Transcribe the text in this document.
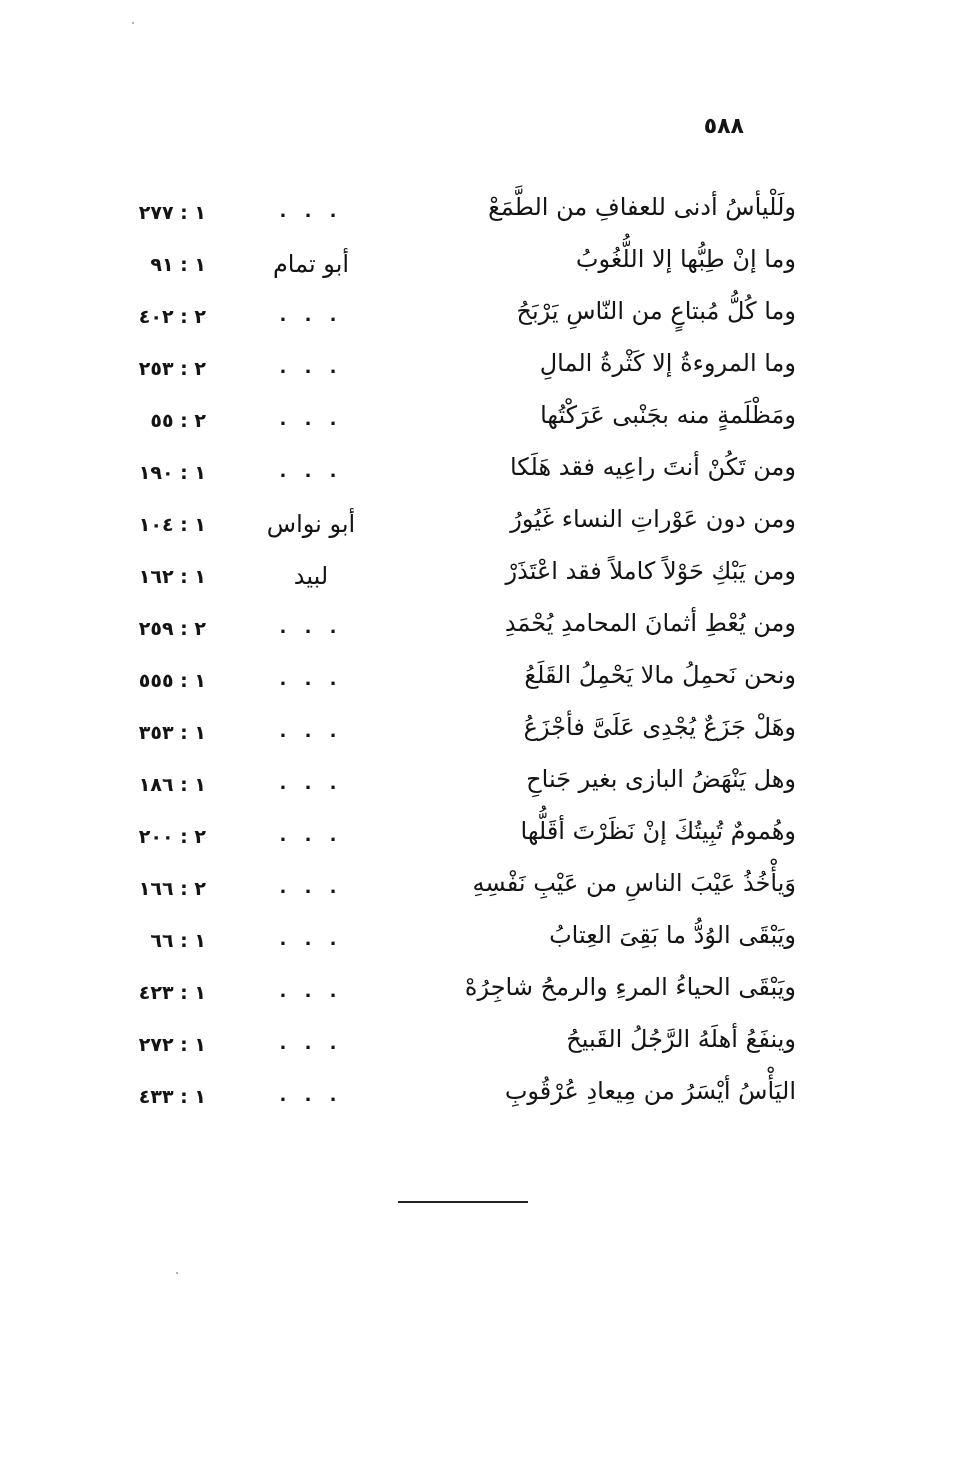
٥٨٨
ولَلْيأسُ أدنى للعفافِ من الطَّمَعْ
. . .
١ : ٢٧٧
وما إنْ طِبُّها إلا اللُّغُوبُ
أبو تمام
١ : ٩١
وما كُلُّ مُبتاعٍ من النّاسِ يَرْبَحُ
. . .
٢ : ٤٠٢
وما المروءةُ إلا كَثْرةُ المالِ
. . .
٢ : ٢٥٣
ومَظْلَمةٍ منه بجَنْبى عَرَكْتُها
. . .
٢ : ٥٥
ومن تَكُنْ أنتَ راعِيه فقد هَلَكا
. . .
١ : ١٩٠
ومن دون عَوْراتِ النساء غَيُورُ
أبو نواس
١ : ١٠٤
ومن يَبْكِ حَوْلاً كاملاً فقد اعْتَذَرْ
لبيد
١ : ١٦٢
ومن يُعْطِ أثمانَ المحامدِ يُحْمَدِ
. . .
٢ : ٢٥٩
ونحن نَحمِلُ مالا يَحْمِلُ القَلَعُ
. . .
١ : ٥٥٥
وهَلْ جَزَعٌ يُجْدِى عَلَىَّ فأجْزَعُ
. . .
١ : ٣٥٣
وهل يَنْهَضُ البازى بغير جَناحِ
. . .
١ : ١٨٦
وهُمومٌ تُبِيتُكَ إنْ نَظَرْتَ أقَلُّها
. . .
٢ : ٢٠٠
وَيأْخُذُ عَيْبَ الناسِ من عَيْبِ نَفْسِهِ
. . .
٢ : ١٦٦
ويَبْقَى الوُدُّ ما بَقِىَ العِتابُ
. . .
١ : ٦٦
ويَبْقَى الحياءُ المرءِ والرمحُ شاجِرُهْ
. . .
١ : ٤٢٣
وينفَعُ أهلَهُ الرَّجُلُ القَبيحُ
. . .
١ : ٢٧٢
اليَأْسُ أيْسَرُ من مِيعادِ عُرْقُوبِ
. . .
١ : ٤٣٣
